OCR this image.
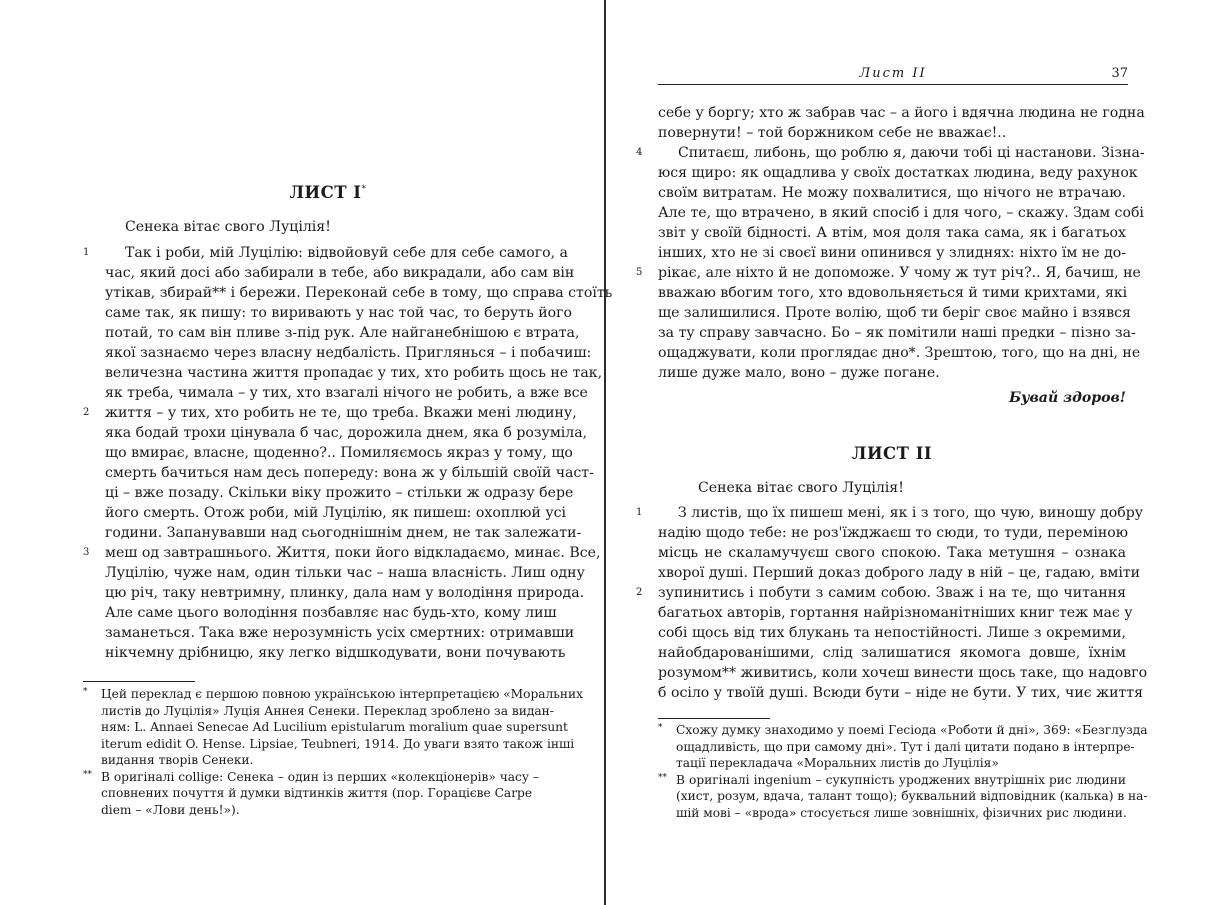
ЛИСТ I*
Сенека вітає свого Луцілія!
Так і роби, мій Луцілію: відвойовуй себе для себе самого, а
1
час, який досі або забирали в тебе, або викрадали, або сам він
утікав, збирай** і бережи. Переконай себе в тому, що справа стоїть
саме так, як пишу: то виривають у нас той час, то беруть його
потай, то сам він пливе з-під рук. Але найганебнішою є втрата,
якої зазнаємо через власну недбалість. Пригляньcя – і побачиш:
величезна частина життя пропадає у тих, хто робить щось не так,
як треба, чимала – у тих, хто взагалі нічого не робить, а вже все
життя – у тих, хто робить не те, що треба. Вкажи мені людину,
2
яка бодай трохи цінувала б час, дорожила днем, яка б розуміла,
що вмирає, власне, щоденно?.. Помиляємось якраз у тому, що
смерть бачиться нам десь попереду: вона ж у більшій своїй част-
ці – вже позаду. Скільки віку прожито – стільки ж одразу бере
його смерть. Отож роби, мій Луцілію, як пишеш: охоплюй усі
години. Запанувавши над сьогоднішнім днем, не так залежати-
меш од завтрашнього. Життя, поки його відкладаємо, минає. Все,
3
Луцілію, чуже нам, один тільки час – наша власність. Лиш одну
цю річ, таку невтримну, плинку, дала нам у володіння природа.
Але саме цього володіння позбавляє нас будь-хто, кому лиш
заманеться. Така вже нерозумність усіх смертних: отримавши
нікчемну дрібницю, яку легко відшкодувати, вони почувають
Цей переклад є першою повною українською інтерпретацією «Моральних
*
листів до Луцілія» Луція Аннея Сенеки. Переклад зроблено за видан-
ням: L. Annaei Senecae Ad Lucilium epistularum moralium quae supersunt
iterum edidit O. Hense. Lipsiae, Teubneri, 1914. До уваги взято також інші
видання творів Сенеки.
В оригіналі collige: Сенека – один із перших «колекціонерів» часу –
**
сповнених почуття й думки відтинків життя (пор. Горацієве Carpe
diem – «Лови день!»).
Лист II	37
себе у боргу; хто ж забрав час – а його і вдячна людина не годна
повернути! – той боржником себе не вважає!..
Спитаєш, либонь, що роблю я, даючи тобі ці настанови. Зізна-
4
юся щиро: як ощадлива у своїх достатках людина, веду рахунок
своїм витратам. Не можу похвалитися, що нічого не втрачаю.
Але те, що втрачено, в який спосіб і для чого, – скажу. Здам собі
звіт у своїй бідності. А втім, моя доля така сама, як і багатьох
інших, хто не зі своєї вини опинився у злиднях: ніхто їм не до-
рікає, але ніхто й не допоможе. У чому ж тут річ?.. Я, бачиш, не
5
вважаю вбогим того, хто вдовольняється й тими крихтами, які
ще залишилися. Проте волію, щоб ти беріг своє майно і взявся
за ту справу завчасно. Бо – як помітили наші предки – пізно за-
ощаджувати, коли проглядає дно*. Зрештою, того, що на дні, не
лише дуже мало, воно – дуже погане.
Бувай здоров!
ЛИСТ II
Сенека вітає свого Луцілія!
З листів, що їх пишеш мені, як і з того, що чую, виношу добру
1
надію щодо тебе: не роз'їжджаєш то сюди, то туди, переміною
місць не скаламучуєш свого спокою. Така метушня – ознака
хворої душі. Перший доказ доброго ладу в ній – це, гадаю, вміти
зупинитись і побути з самим собою. Зваж і на те, що читання
2
багатьох авторів, гортання найрізноманітніших книг теж має у
собі щось від тих блукань та непостійності. Лише з окремими,
найобдарованішими, слід залишатися якомога довше, їхнім
розумом** живитись, коли хочеш винести щось таке, що надовго
б осіло у твоїй душі. Всюди бути – ніде не бути. У тих, чиє життя
Схожу думку знаходимо у поемі Гесіода «Роботи й дні», 369: «Безглузда
*
ощадливість, що при самому дні». Тут і далі цитати подано в інтерпре-
тації перекладача «Моральних листів до Луцілія»
В оригіналі ingenium – сукупність уроджених внутрішніх рис людини
**
(хист, розум, вдача, талант тощо); буквальний відповідник (калька) в на-
шій мові – «врода» стосується лише зовнішніх, фізичних рис людини.
